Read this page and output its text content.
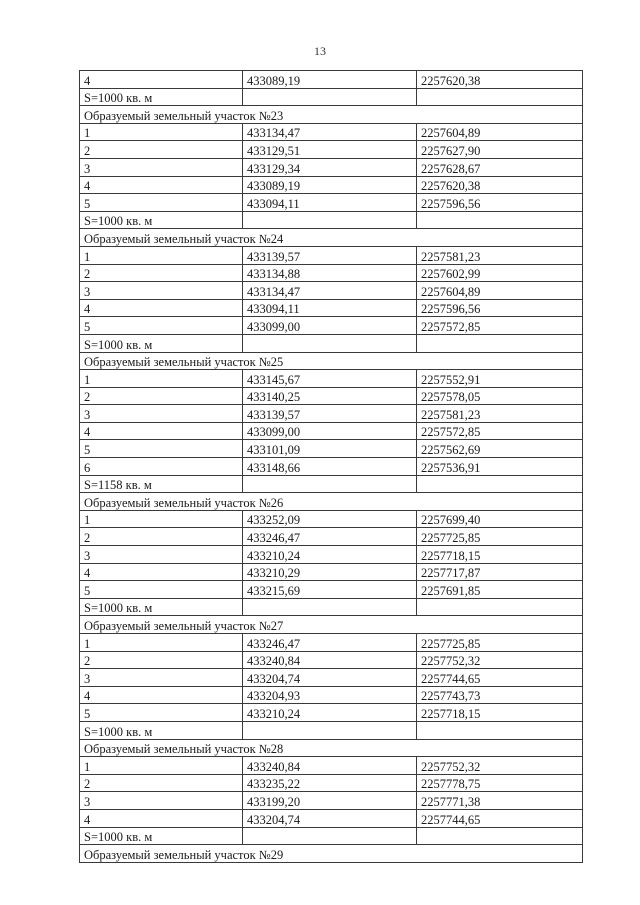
13
4	433089,19	2257620,38
S=1000 кв. м		
Образуемый земельный участок №23		
1	433134,47	2257604,89
2	433129,51	2257627,90
3	433129,34	2257628,67
4	433089,19	2257620,38
5	433094,11	2257596,56
S=1000 кв. м		
Образуемый земельный участок №24		
1	433139,57	2257581,23
2	433134,88	2257602,99
3	433134,47	2257604,89
4	433094,11	2257596,56
5	433099,00	2257572,85
S=1000 кв. м		
Образуемый земельный участок №25		
1	433145,67	2257552,91
2	433140,25	2257578,05
3	433139,57	2257581,23
4	433099,00	2257572,85
5	433101,09	2257562,69
6	433148,66	2257536,91
S=1158 кв. м		
Образуемый земельный участок №26		
1	433252,09	2257699,40
2	433246,47	2257725,85
3	433210,24	2257718,15
4	433210,29	2257717,87
5	433215,69	2257691,85
S=1000 кв. м		
Образуемый земельный участок №27		
1	433246,47	2257725,85
2	433240,84	2257752,32
3	433204,74	2257744,65
4	433204,93	2257743,73
5	433210,24	2257718,15
S=1000 кв. м		
Образуемый земельный участок №28		
1	433240,84	2257752,32
2	433235,22	2257778,75
3	433199,20	2257771,38
4	433204,74	2257744,65
S=1000 кв. м		
Образуемый земельный участок №29		
